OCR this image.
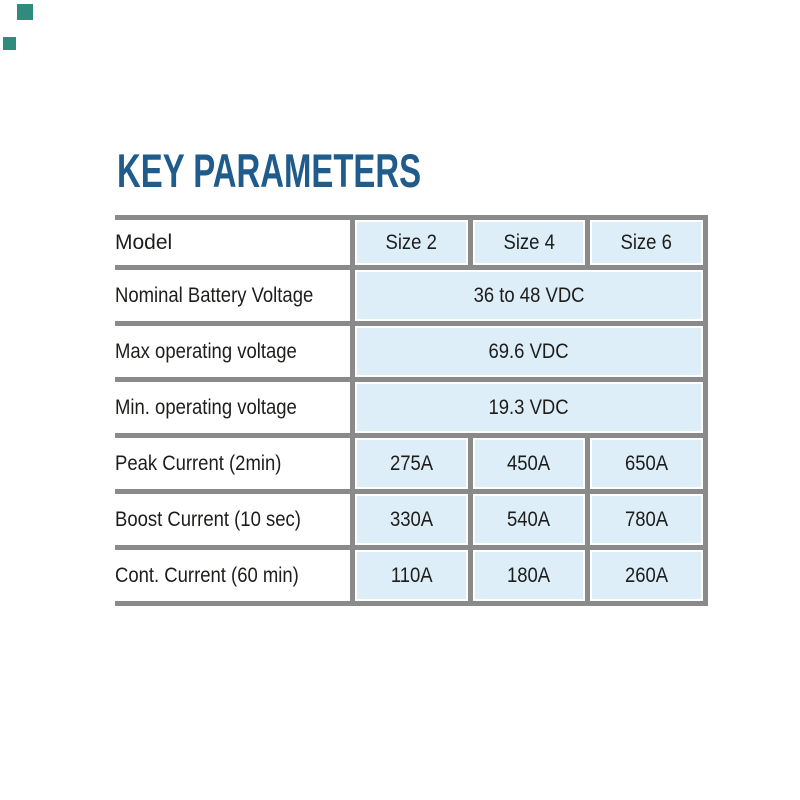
KEY PARAMETERS
Model	Size 2	Size 4	Size 6
Nominal Battery Voltage	36 to 48 VDC		
Max operating voltage	69.6 VDC		
Min. operating voltage	19.3 VDC		
Peak Current (2min)	275A	450A	650A
Boost Current (10 sec)	330A	540A	780A
Cont. Current (60 min)	110A	180A	260A
